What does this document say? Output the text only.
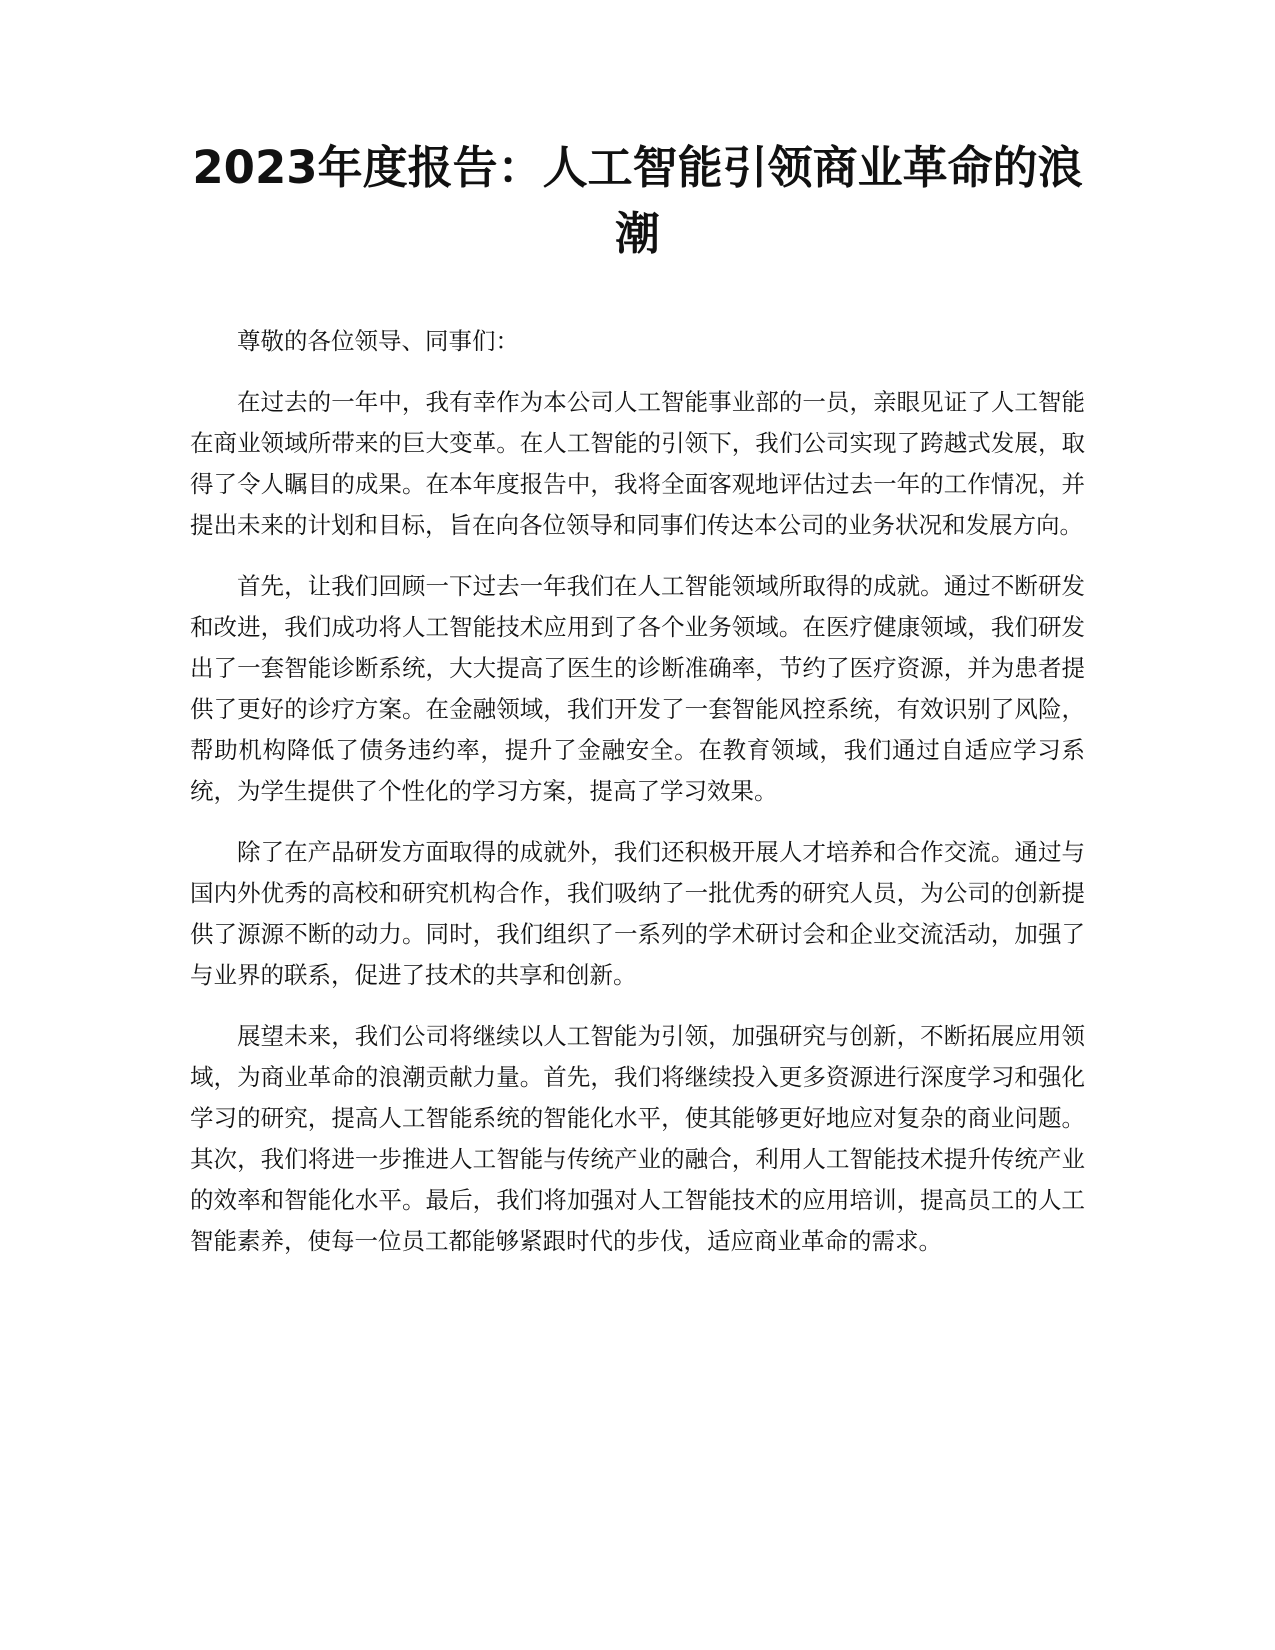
2023年度报告：人工智能引领商业革命的浪潮

尊敬的各位领导、同事们：

在过去的一年中，我有幸作为本公司人工智能事业部的一员，亲眼见证了人工智能在商业领域所带来的巨大变革。在人工智能的引领下，我们公司实现了跨越式发展，取得了令人瞩目的成果。在本年度报告中，我将全面客观地评估过去一年的工作情况，并提出未来的计划和目标，旨在向各位领导和同事们传达本公司的业务状况和发展方向。

首先，让我们回顾一下过去一年我们在人工智能领域所取得的成就。通过不断研发和改进，我们成功将人工智能技术应用到了各个业务领域。在医疗健康领域，我们研发出了一套智能诊断系统，大大提高了医生的诊断准确率，节约了医疗资源，并为患者提供了更好的诊疗方案。在金融领域，我们开发了一套智能风控系统，有效识别了风险，帮助机构降低了债务违约率，提升了金融安全。在教育领域，我们通过自适应学习系统，为学生提供了个性化的学习方案，提高了学习效果。

除了在产品研发方面取得的成就外，我们还积极开展人才培养和合作交流。通过与国内外优秀的高校和研究机构合作，我们吸纳了一批优秀的研究人员，为公司的创新提供了源源不断的动力。同时，我们组织了一系列的学术研讨会和企业交流活动，加强了与业界的联系，促进了技术的共享和创新。

展望未来，我们公司将继续以人工智能为引领，加强研究与创新，不断拓展应用领域，为商业革命的浪潮贡献力量。首先，我们将继续投入更多资源进行深度学习和强化学习的研究，提高人工智能系统的智能化水平，使其能够更好地应对复杂的商业问题。其次，我们将进一步推进人工智能与传统产业的融合，利用人工智能技术提升传统产业的效率和智能化水平。最后，我们将加强对人工智能技术的应用培训，提高员工的人工智能素养，使每一位员工都能够紧跟时代的步伐，适应商业革命的需求。
